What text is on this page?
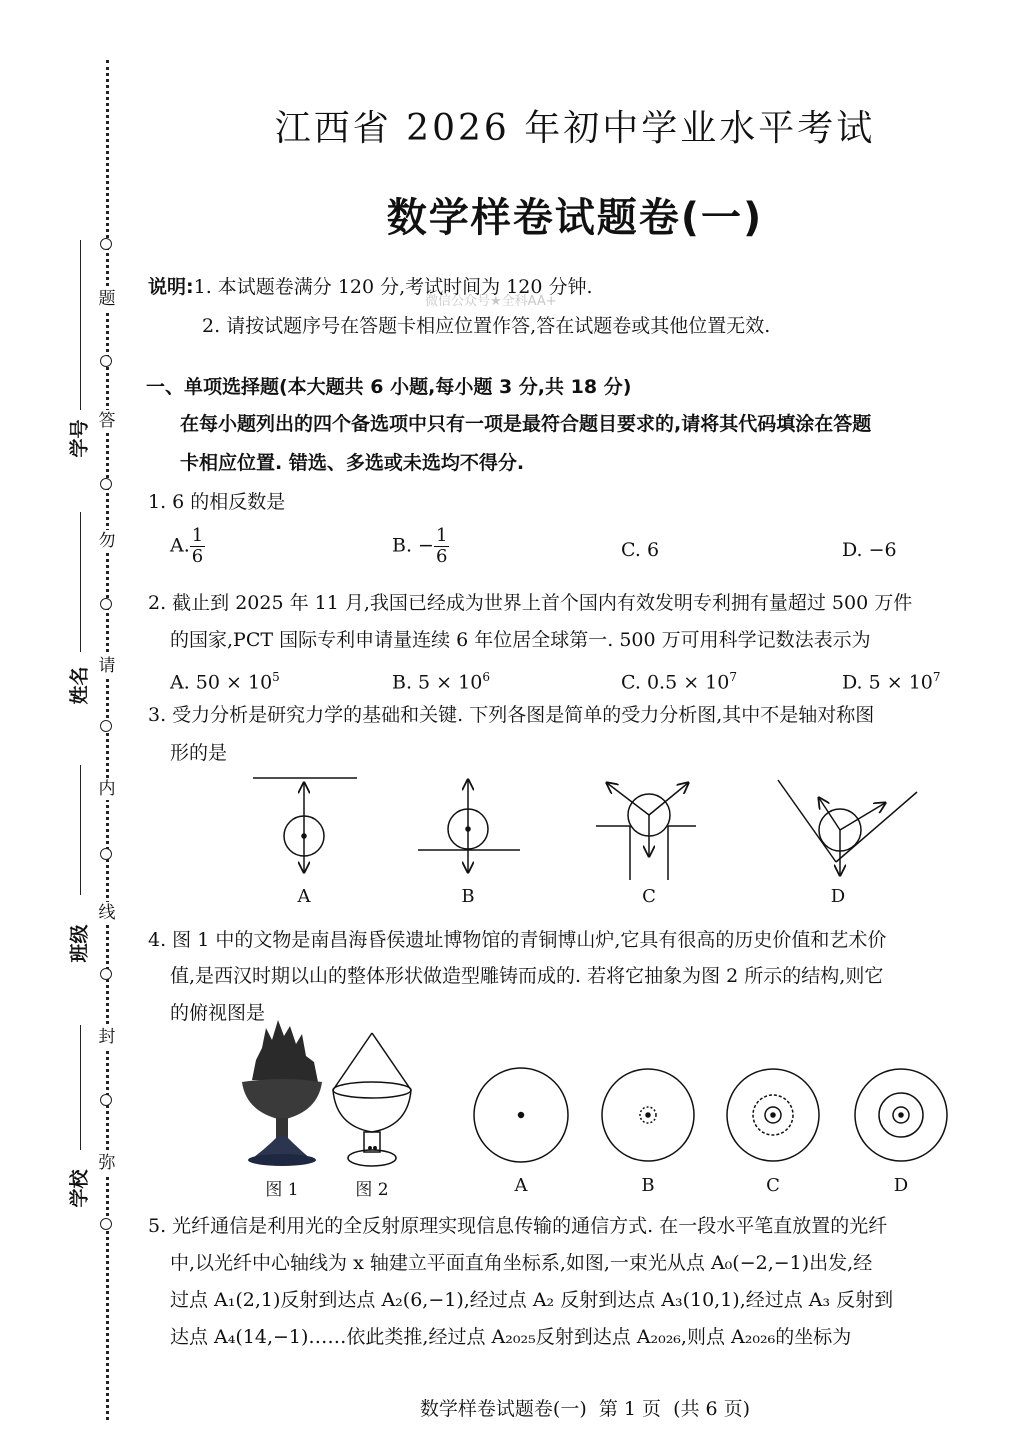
题
答
勿
请
内
线
封
弥
学号
姓名
班级
学校
江西省 2026 年初中学业水平考试
数学样卷试题卷(一)
微信公众号★全科AA+
说明:1. 本试题卷满分 120 分,考试时间为 120 分钟.
2. 请按试题序号在答题卡相应位置作答,答在试题卷或其他位置无效.
一、单项选择题(本大题共 6 小题,每小题 3 分,共 18 分)
在每小题列出的四个备选项中只有一项是最符合题目要求的,请将其代码填涂在答题
卡相应位置. 错选、多选或未选均不得分.
1. 6 的相反数是
A. $\frac{1}{6}$	B. − $\frac{1}{6}$	C. 6	D. −6
2. 截止到 2025 年 11 月,我国已经成为世界上首个国内有效发明专利拥有量超过 500 万件
的国家,PCT 国际专利申请量连续 6 年位居全球第一. 500 万可用科学记数法表示为
A. $50 \times 10^5$	B. $5 \times 10^6$	C. $0.5 \times 10^7$	D. $5 \times 10^7$
3. 受力分析是研究力学的基础和关键. 下列各图是简单的受力分析图,其中不是轴对称图
形的是
A	B	C	D
4. 图 1 中的文物是南昌海昏侯遗址博物馆的青铜博山炉,它具有很高的历史价值和艺术价
值,是西汉时期以山的整体形状做造型雕铸而成的. 若将它抽象为图 2 所示的结构,则它
的俯视图是
图 1	图 2	A	B	C	D
5. 光纤通信是利用光的全反射原理实现信息传输的通信方式. 在一段水平笔直放置的光纤
中,以光纤中心轴线为 x 轴建立平面直角坐标系,如图,一束光从点 A₀(−2,−1)出发,经
过点 A₁(2,1)反射到达点 A₂(6,−1),经过点 A₂ 反射到达点 A₃(10,1),经过点 A₃ 反射到
达点 A₄(14,−1)……依此类推,经过点 A₂₀₂₅反射到达点 A₂₀₂₆,则点 A₂₀₂₆的坐标为
数学样卷试题卷(一)  第 1 页  (共 6 页)
